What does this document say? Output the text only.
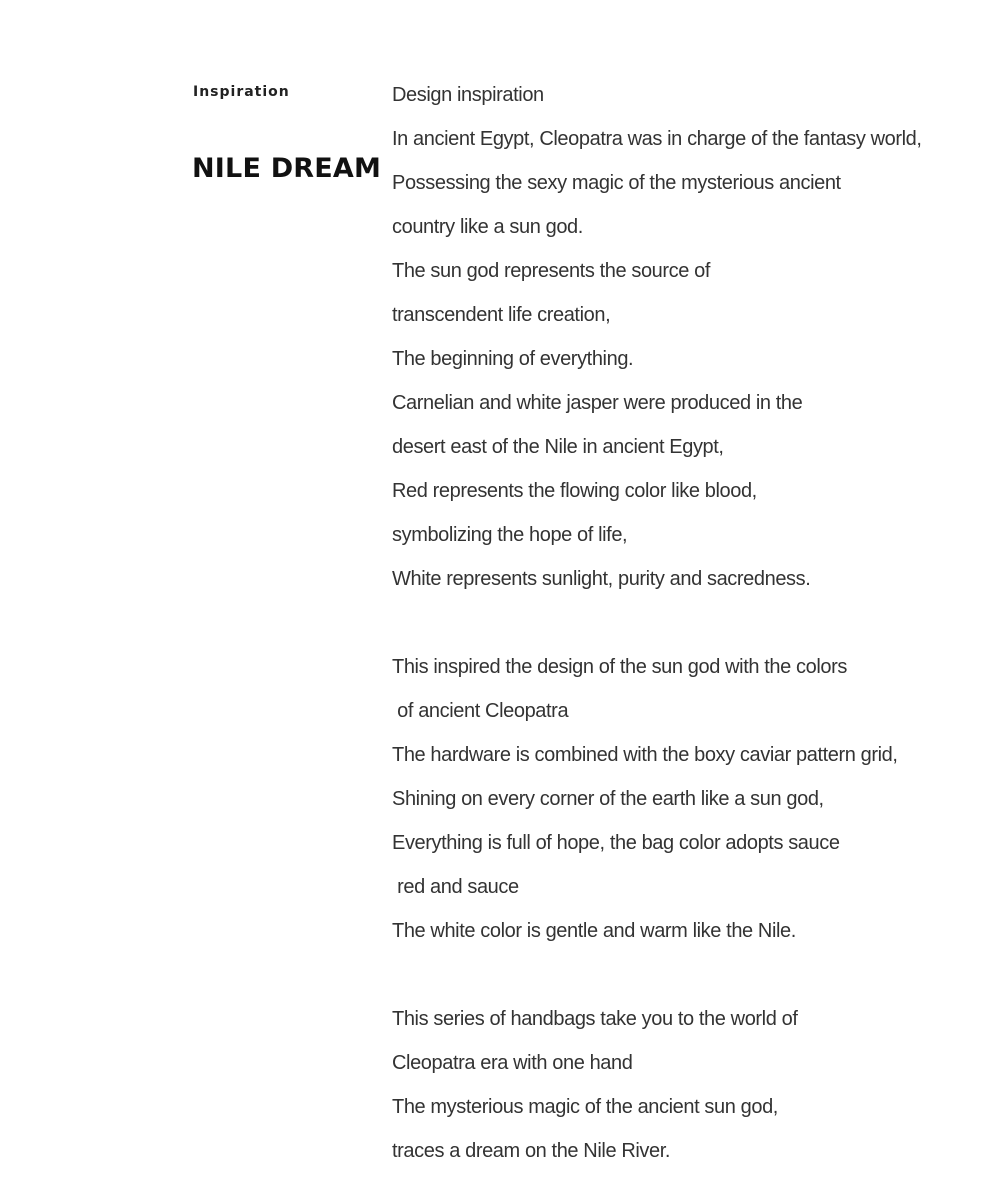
Inspiration
NILE DREAM
Design inspiration
In ancient Egypt, Cleopatra was in charge of the fantasy world,
Possessing the sexy magic of the mysterious ancient
country like a sun god.
The sun god represents the source of
transcendent life creation,
The beginning of everything.
Carnelian and white jasper were produced in the
desert east of the Nile in ancient Egypt,
Red represents the flowing color like blood,
symbolizing the hope of life,
White represents sunlight, purity and sacredness.
This inspired the design of the sun god with the colors
of ancient Cleopatra
The hardware is combined with the boxy caviar pattern grid,
Shining on every corner of the earth like a sun god,
Everything is full of hope, the bag color adopts sauce
red and sauce
The white color is gentle and warm like the Nile.
This series of handbags take you to the world of
Cleopatra era with one hand
The mysterious magic of the ancient sun god,
traces a dream on the Nile River.
